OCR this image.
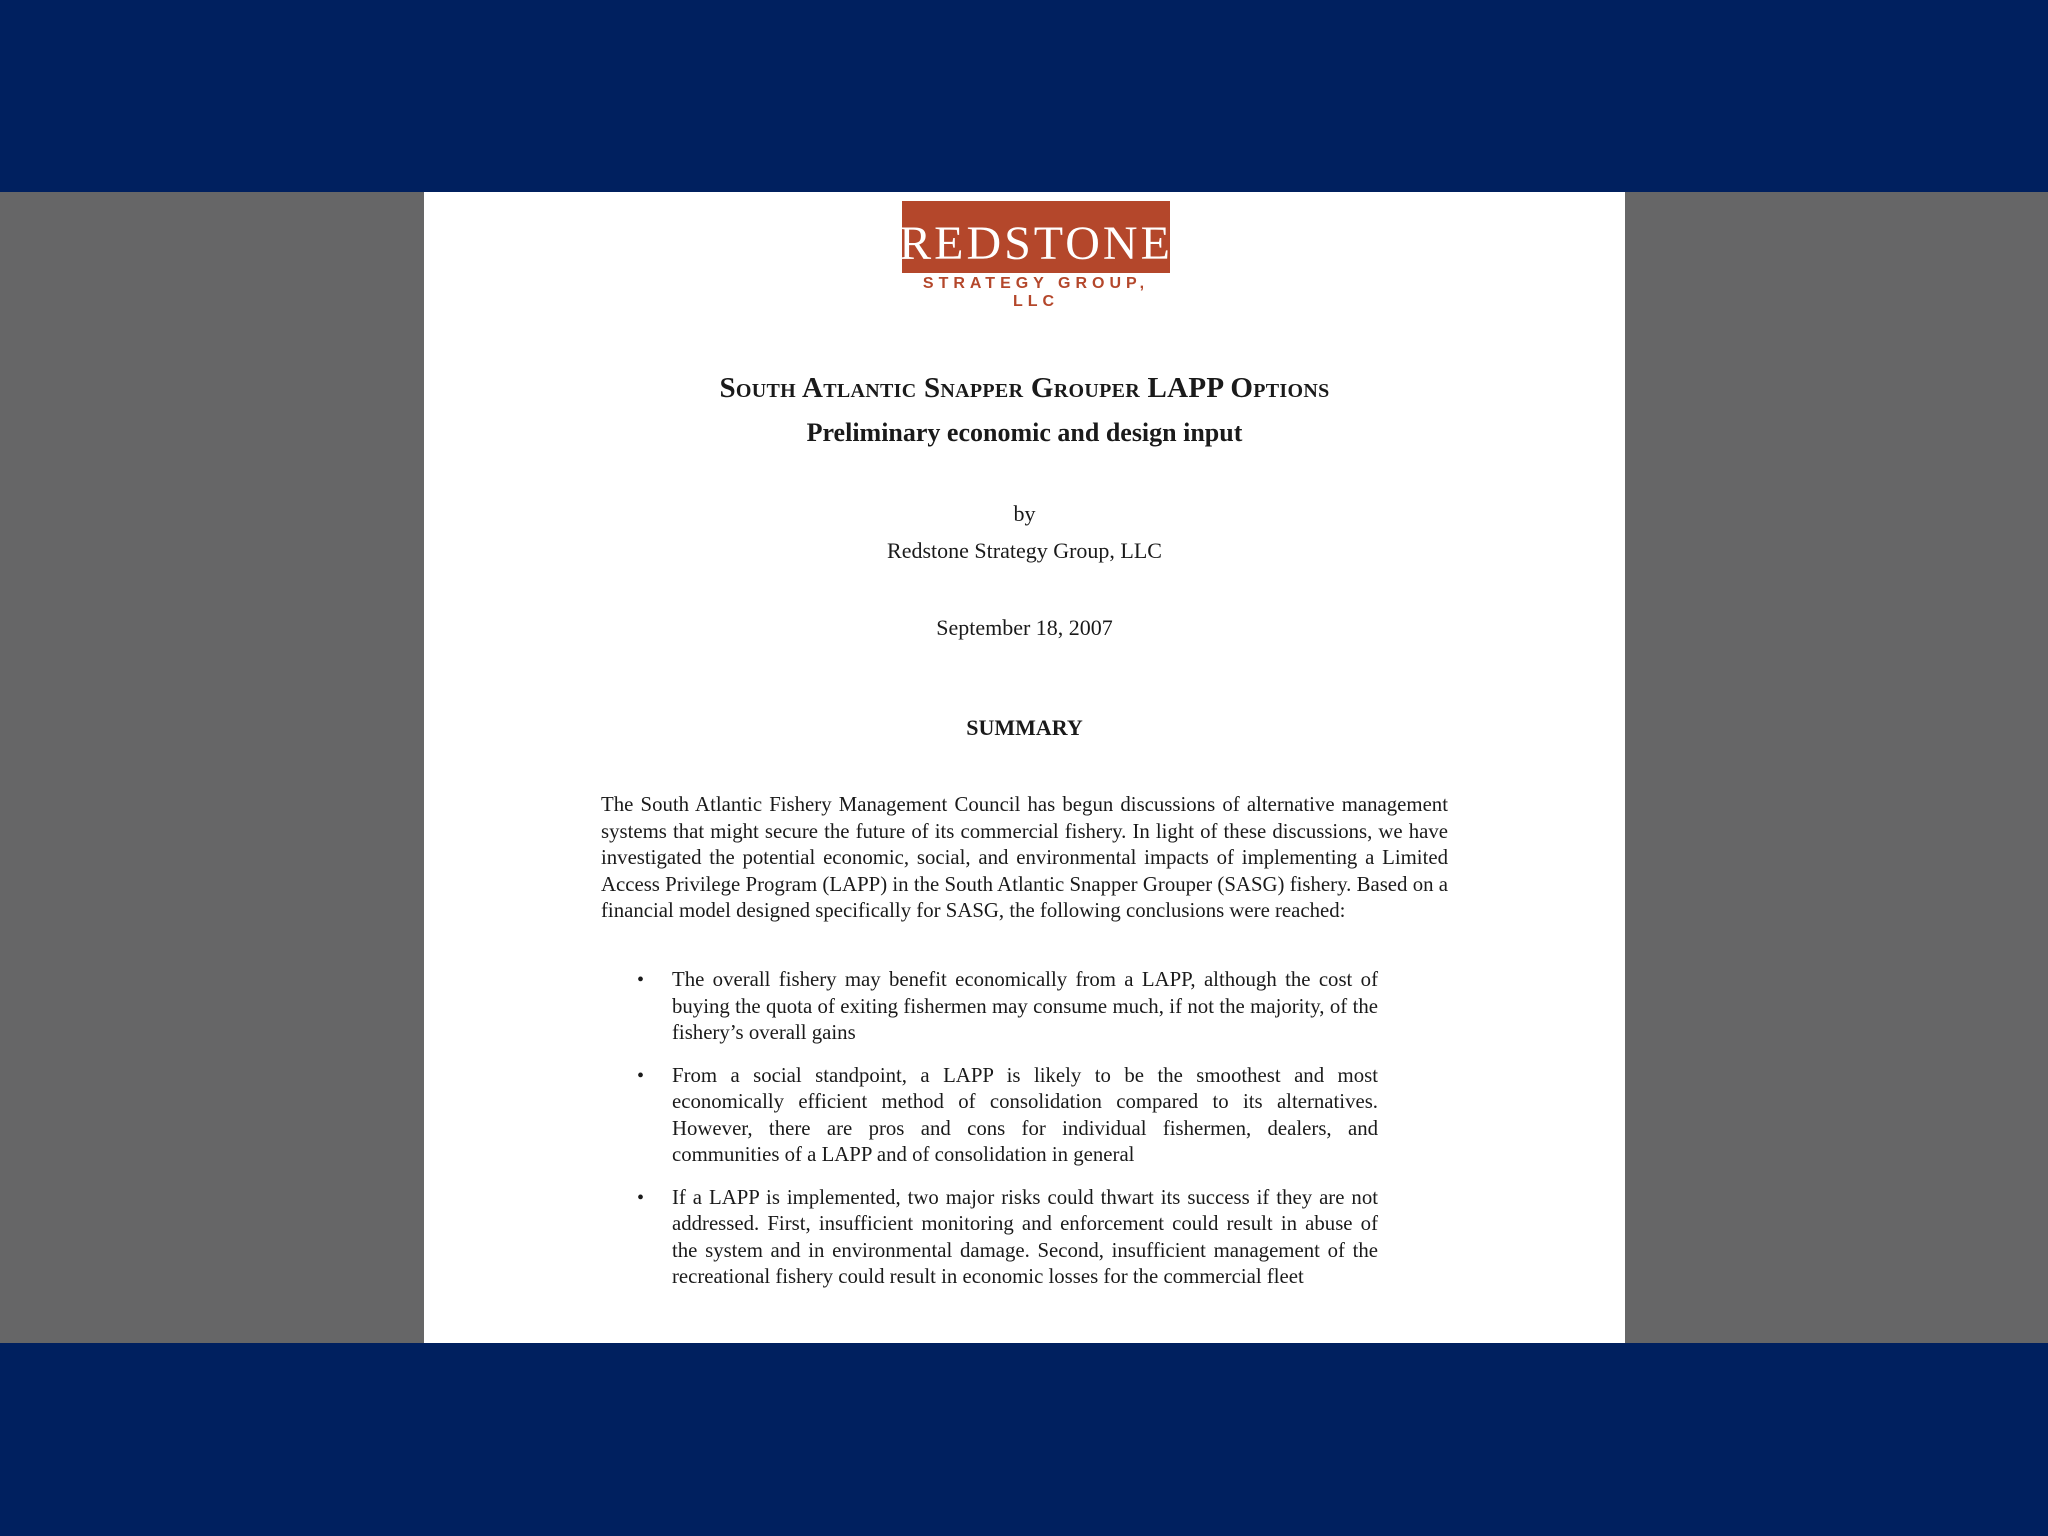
REDSTONE
STRATEGY GROUP, LLC
South Atlantic Snapper Grouper LAPP Options
Preliminary economic and design input
by
Redstone Strategy Group, LLC
September 18, 2007
SUMMARY

The South Atlantic Fishery Management Council has begun discussions of alternative management systems that might secure the future of its commercial fishery. In light of these discussions, we have investigated the potential economic, social, and environmental impacts of implementing a Limited Access Privilege Program (LAPP) in the South Atlantic Snapper Grouper (SASG) fishery. Based on a financial model designed specifically for SASG, the following conclusions were reached:

• The overall fishery may benefit economically from a LAPP, although the cost of buying the quota of exiting fishermen may consume much, if not the majority, of the fishery’s overall gains
• From a social standpoint, a LAPP is likely to be the smoothest and most economically efficient method of consolidation compared to its alternatives. However, there are pros and cons for individual fishermen, dealers, and communities of a LAPP and of consolidation in general
• If a LAPP is implemented, two major risks could thwart its success if they are not addressed. First, insufficient monitoring and enforcement could result in abuse of the system and in environmental damage. Second, insufficient management of the recreational fishery could result in economic losses for the commercial fleet
